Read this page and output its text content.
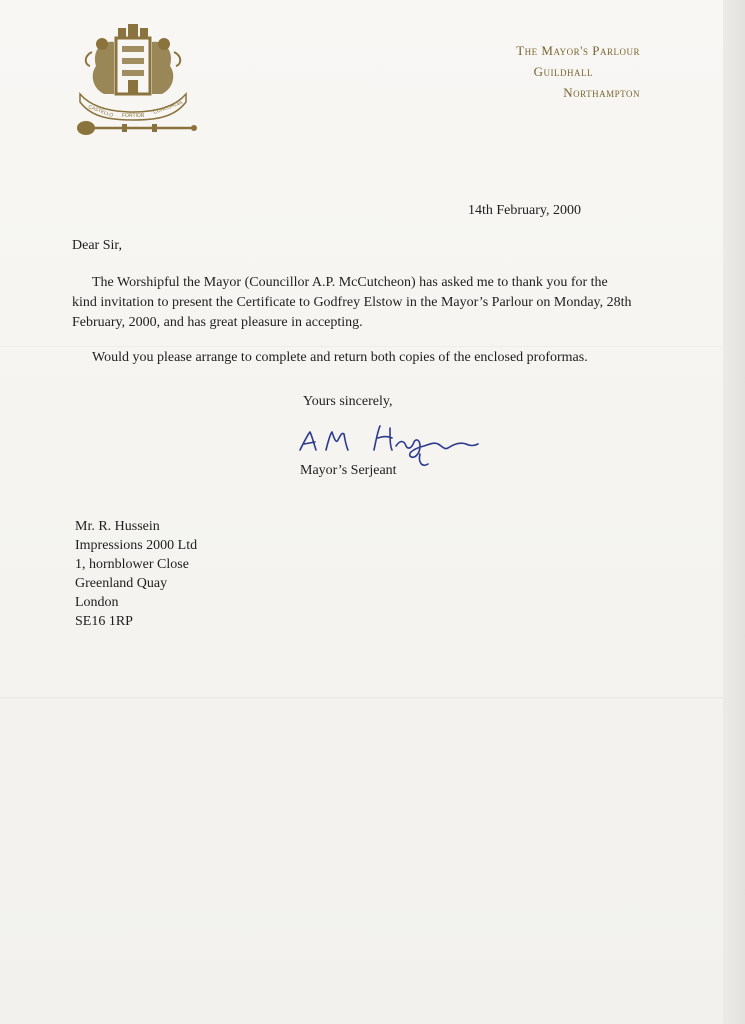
CASTELLO FORTIOR
CONCORDIA
The Mayor's Parlour
Guildhall
Northampton
14th February, 2000
Dear Sir,

The Worshipful the Mayor (Councillor A.P. McCutcheon) has asked me to thank you for the kind invitation to present the Certificate to Godfrey Elstow in the Mayor’s Parlour on Monday, 28th February, 2000, and has great pleasure in accepting.

Would you please arrange to complete and return both copies of the enclosed proformas.

Yours sincerely,
Mayor’s Serjeant
Mr. R. Hussein
Impressions 2000 Ltd
1, hornblower Close
Greenland Quay
London
SE16 1RP
